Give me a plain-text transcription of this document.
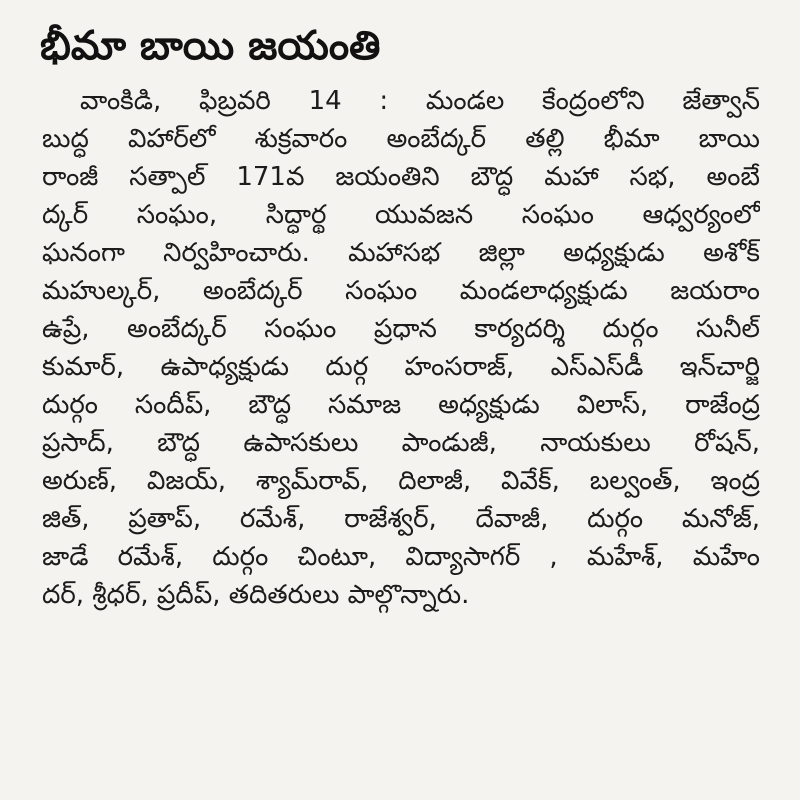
భీమా బాయి జయంతి
వాంకిడి, ఫిబ్రవరి 14 : మండల కేంద్రంలోని జేత్వాన్
బుద్ధ విహార్‌లో శుక్రవారం అంబేద్కర్ తల్లి భీమా బాయి
రాంజీ సత్పాల్ 171వ జయంతిని బౌద్ధ మహా సభ, అంబే
ద్కర్ సంఘం, సిద్ధార్థ యువజన సంఘం ఆధ్వర్యంలో
ఘనంగా నిర్వహించారు. మహాసభ జిల్లా అధ్యక్షుడు అశోక్
మహుల్కర్, అంబేద్కర్ సంఘం మండలాధ్యక్షుడు జయరాం
ఉప్రే, అంబేద్కర్ సంఘం ప్రధాన కార్యదర్శి దుర్గం సునీల్
కుమార్, ఉపాధ్యక్షుడు దుర్గ హంసరాజ్, ఎస్ఎస్‌డీ ఇన్‌చార్జి
దుర్గం సందీప్, బౌద్ధ సమాజ అధ్యక్షుడు విలాస్, రాజేంద్ర
ప్రసాద్, బౌద్ధ ఉపాసకులు పాండుజీ, నాయకులు రోషన్,
అరుణ్, విజయ్, శ్యామ్‌రావ్, దిలాజీ, వివేక్, బల్వంత్, ఇంద్ర
జిత్, ప్రతాప్, రమేశ్, రాజేశ్వర్, దేవాజీ, దుర్గం మనోజ్,
జాడే రమేశ్, దుర్గం చింటూ, విద్యాసాగర్ , మహేశ్, మహేం
దర్, శ్రీధర్, ప్రదీప్, తదితరులు పాల్గొన్నారు.
